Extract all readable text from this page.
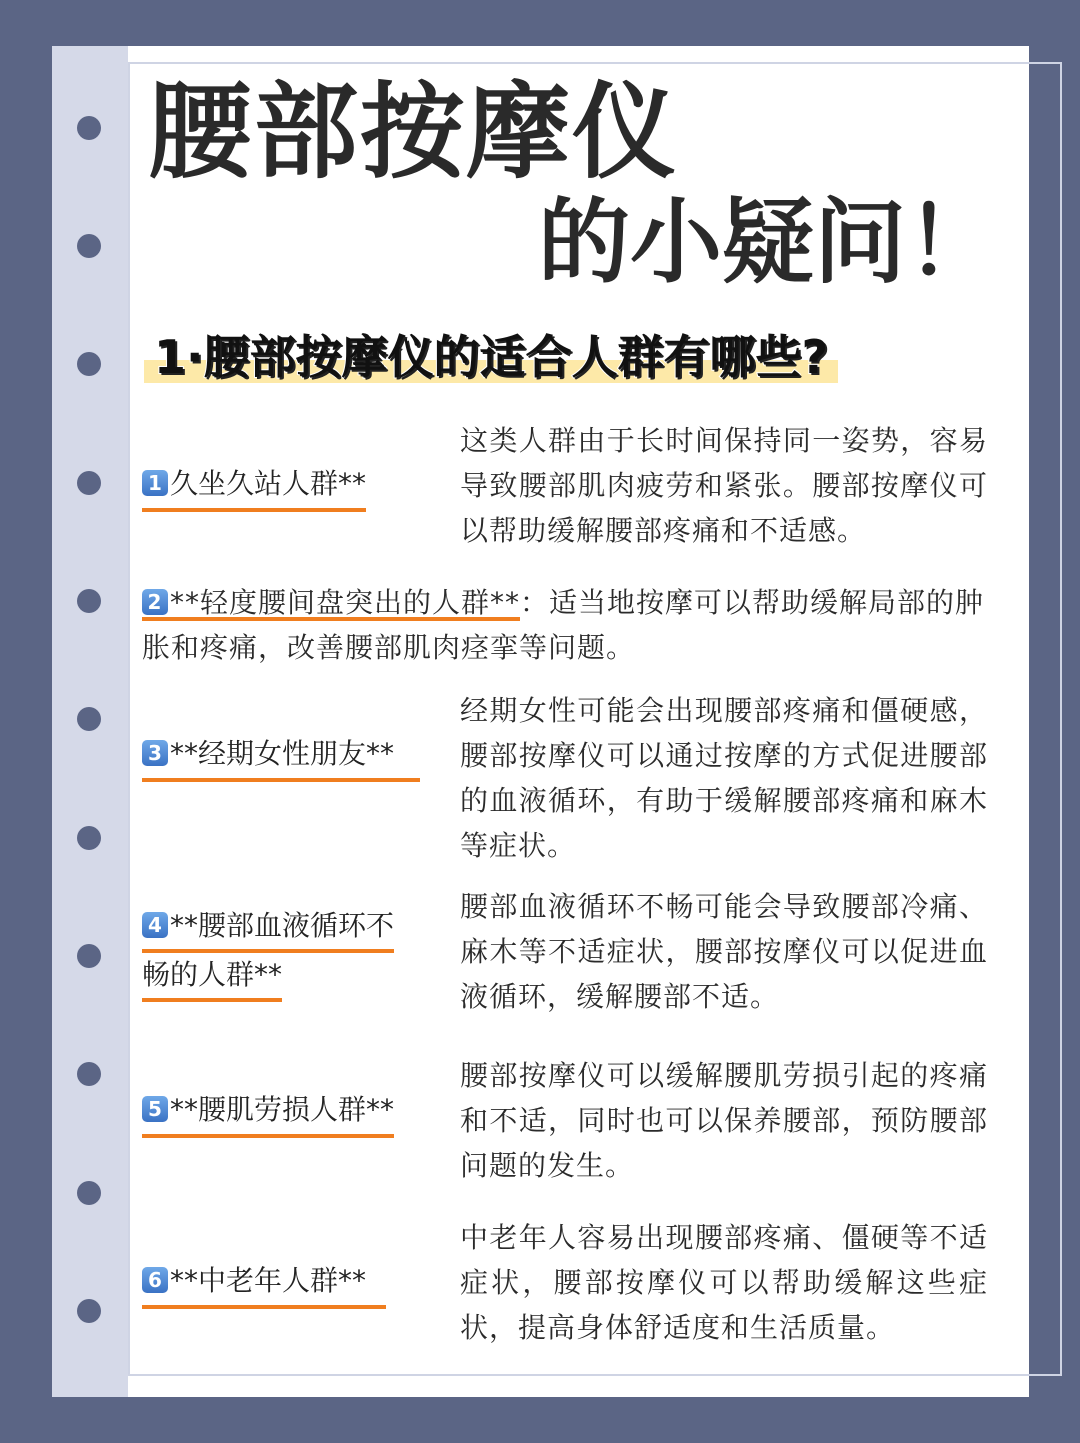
腰部按摩仪
的小疑问！
1·腰部按摩仪的适合人群有哪些?
1 久坐久站人群**
这类人群由于长时间保持同一姿势，容易导致腰部肌肉疲劳和紧张。腰部按摩仪可以帮助缓解腰部疼痛和不适感。
2 **轻度腰间盘突出的人群**：适当地按摩可以帮助缓解局部的肿胀和疼痛，改善腰部肌肉痉挛等问题。
3 **经期女性朋友**
经期女性可能会出现腰部疼痛和僵硬感，腰部按摩仪可以通过按摩的方式促进腰部的血液循环，有助于缓解腰部疼痛和麻木等症状。
4 **腰部血液循环不
畅的人群**
腰部血液循环不畅可能会导致腰部冷痛、麻木等不适症状，腰部按摩仪可以促进血液循环，缓解腰部不适。
5 **腰肌劳损人群**
腰部按摩仪可以缓解腰肌劳损引起的疼痛和不适，同时也可以保养腰部，预防腰部问题的发生。
6 **中老年人群**
中老年人容易出现腰部疼痛、僵硬等不适症状，腰部按摩仪可以帮助缓解这些症状，提高身体舒适度和生活质量。
